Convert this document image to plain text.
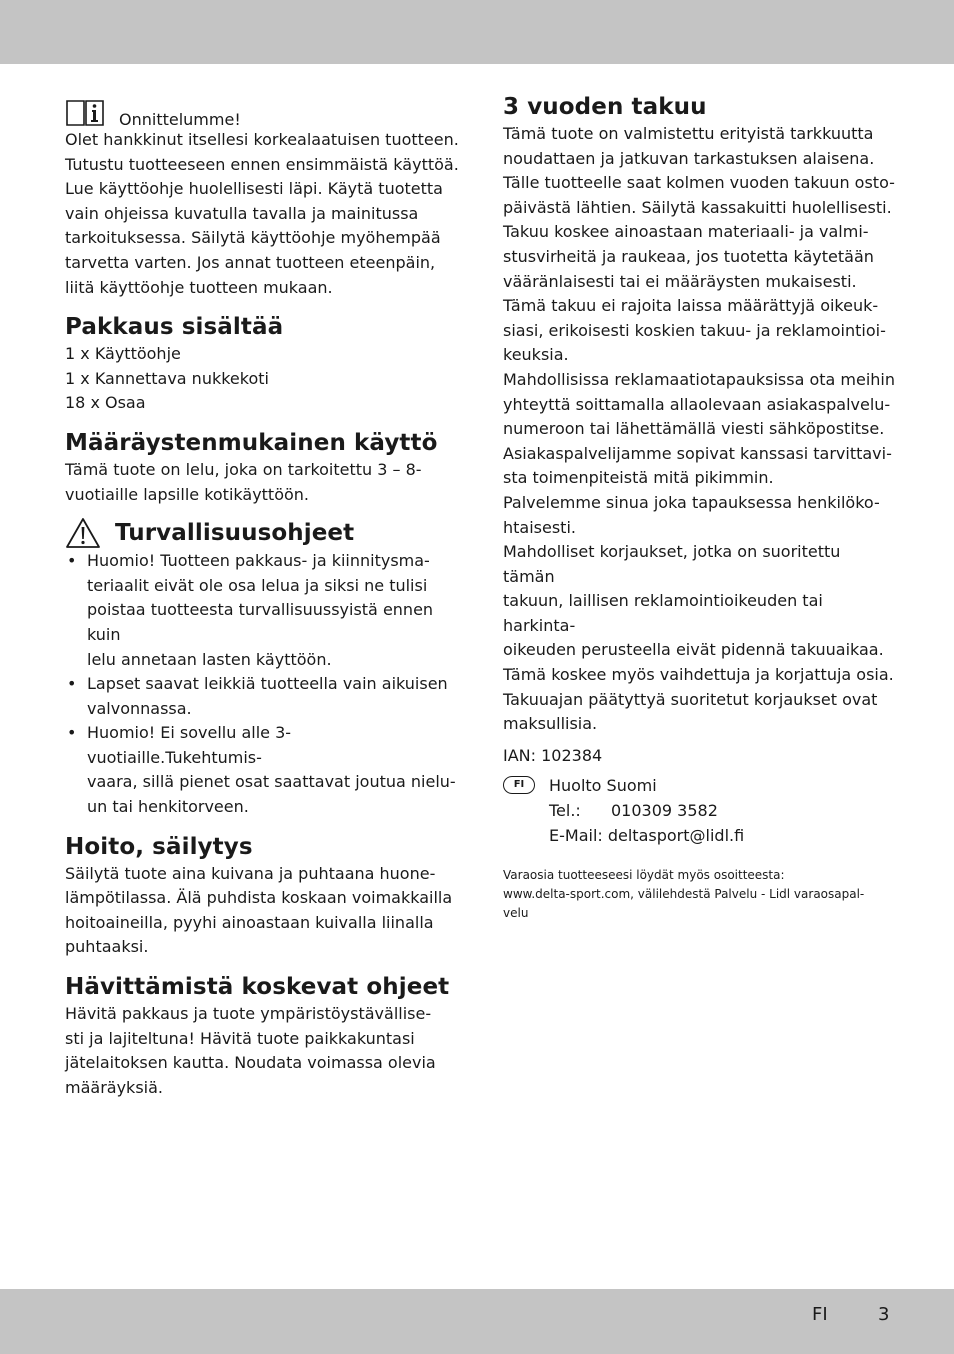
Onnittelumme!

Olet hankkinut itsellesi korkealaatuisen tuotteen.

Tutustu tuotteeseen ennen ensimmäistä käyttöä.

Lue käyttöohje huolellisesti läpi. Käytä tuotetta

vain ohjeissa kuvatulla tavalla ja mainitussa

tarkoituksessa. Säilytä käyttöohje myöhempää

tarvetta varten. Jos annat tuotteen eteenpäin,

liitä käyttöohje tuotteen mukaan.

Pakkaus sisältää

1 x Käyttöohje

1 x Kannettava nukkekoti

18 x Osaa

Määräystenmukainen käyttö

Tämä tuote on lelu, joka on tarkoitettu 3 – 8-

vuotiaille lapsille kotikäyttöön.

Turvallisuusohjeet
• Huomio! Tuotteen pakkaus- ja kiinnitysma-
teriaalit eivät ole osa lelua ja siksi ne tulisi
poistaa tuotteesta turvallisuussyistä ennen kuin
lelu annetaan lasten käyttöön.
• Lapset saavat leikkiä tuotteella vain aikuisen
valvonnassa.
• Huomio! Ei sovellu alle 3-vuotiaille.Tukehtumis-
vaara, sillä pienet osat saattavat joutua nielu-
un tai henkitorveen.
Hoito, säilytys

Säilytä tuote aina kuivana ja puhtaana huone-

lämpötilassa. Älä puhdista koskaan voimakkailla

hoitoaineilla, pyyhi ainoastaan kuivalla liinalla

puhtaaksi.

Hävittämistä koskevat ohjeet

Hävitä pakkaus ja tuote ympäristöystävällise-

sti ja lajiteltuna! Hävitä tuote paikkakuntasi

jätelaitoksen kautta. Noudata voimassa olevia

määräyksiä.

3 vuoden takuu

Tämä tuote on valmistettu erityistä tarkkuutta

noudattaen ja jatkuvan tarkastuksen alaisena.

Tälle tuotteelle saat kolmen vuoden takuun osto-

päivästä lähtien. Säilytä kassakuitti huolellisesti.

Takuu koskee ainoastaan materiaali- ja valmi-

stusvirheitä ja raukeaa, jos tuotetta käytetään

vääränlaisesti tai ei määräysten mukaisesti.

Tämä takuu ei rajoita laissa määrättyjä oikeuk-

siasi, erikoisesti koskien takuu- ja reklamointioi-

keuksia.

Mahdollisissa reklamaatiotapauksissa ota meihin

yhteyttä soittamalla allaolevaan asiakaspalvelu-

numeroon tai lähettämällä viesti sähköpostitse.

Asiakaspalvelijamme sopivat kanssasi tarvittavi-

sta toimenpiteistä mitä pikimmin.

Palvelemme sinua joka tapauksessa henkilöko-

htaisesti.

Mahdolliset korjaukset, jotka on suoritettu tämän

takuun, laillisen reklamointioikeuden tai harkinta-

oikeuden perusteella eivät pidennä takuuaikaa.

Tämä koskee myös vaihdettuja ja korjattuja osia.

Takuuajan päätyttyä suoritetut korjaukset ovat

maksullisia.

IAN: 102384

FI	Huolto Suomi

Tel.: 010309 3582

E-Mail: deltasport@lidl.fi

Varaosia tuotteeseesi löydät myös osoitteesta:
www.delta-sport.com, välilehdestä Palvelu - Lidl varaosapal-
velu
FI	3
